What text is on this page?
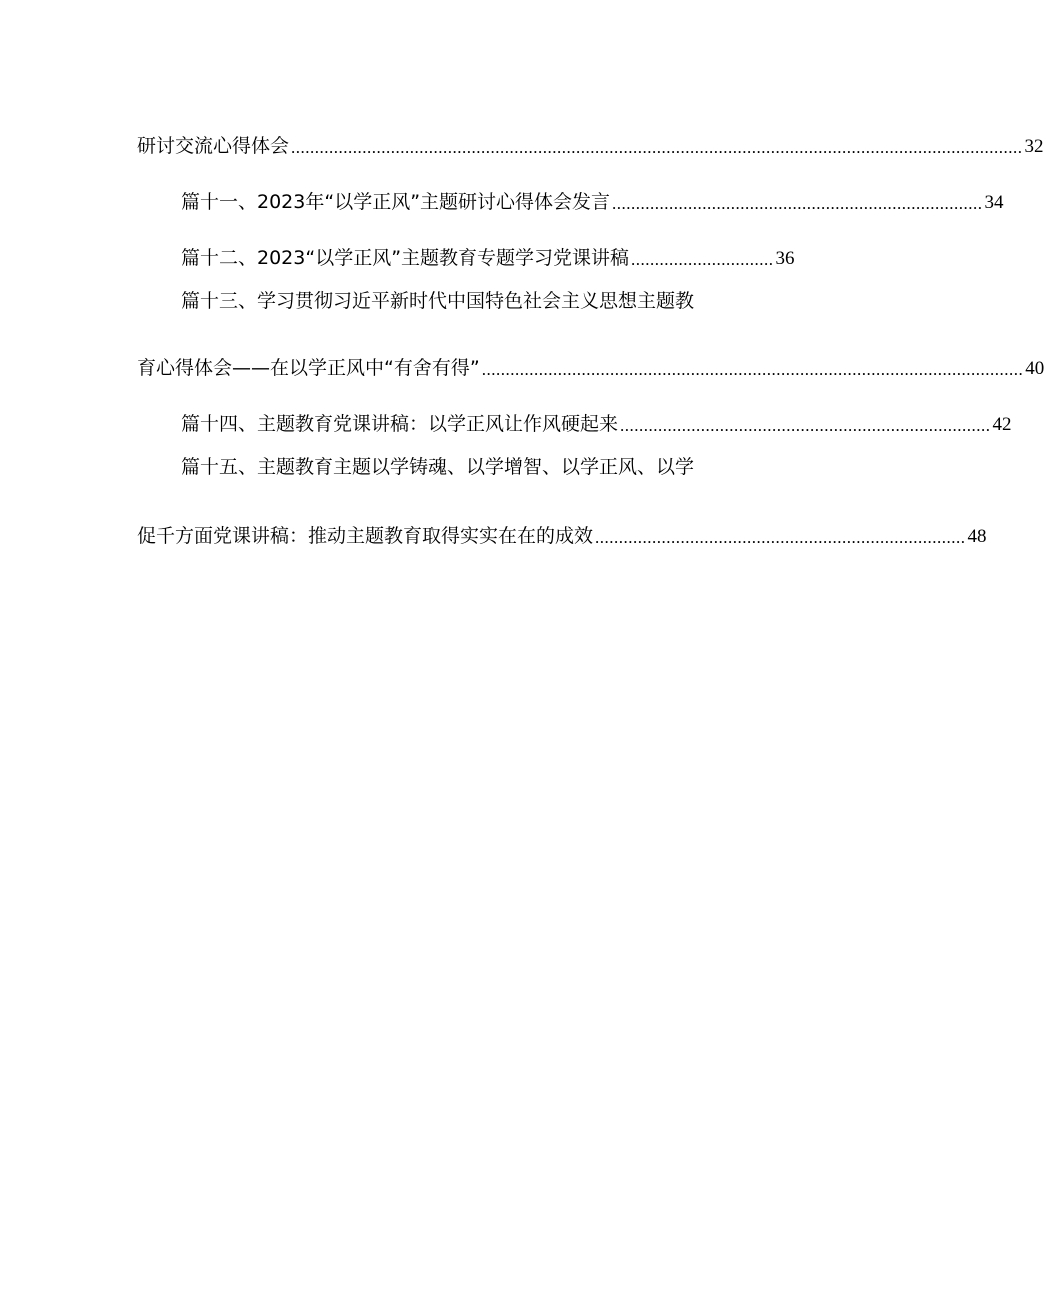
研讨交流心得体会 .......................................................................................................................................................... 32
篇十一、2023年“以学正风”主题研讨心得体会发言 .............................................................................. 34
篇十二、2023“以学正风”主题教育专题学习党课讲稿 .............................. 36
篇十三、学习贯彻习近平新时代中国特色社会主义思想主题教
育心得体会——在以学正风中“有舍有得” .................................................................................................................. 40
篇十四、主题教育党课讲稿：以学正风让作风硬起来 .............................................................................. 42
篇十五、主题教育主题以学铸魂、以学增智、以学正风、以学
促千方面党课讲稿：推动主题教育取得实实在在的成效 .............................................................................. 48
